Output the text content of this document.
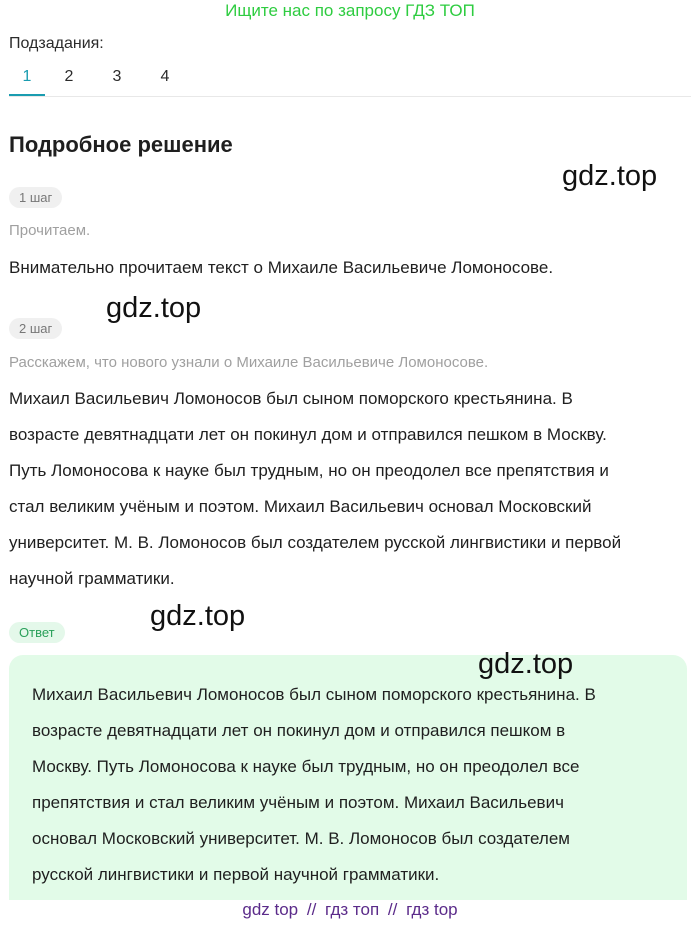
Ищите нас по запросу ГДЗ ТОП
Подзадания:
1	2	3	4
Подробное решение
1 шаг
Прочитаем.
Внимательно прочитаем текст о Михаиле Васильевиче Ломоносове.
2 шаг
Расскажем, что нового узнали о Михаиле Васильевиче Ломоносове.
Михаил Васильевич Ломоносов был сыном поморского крестьянина. В
возрасте девятнадцати лет он покинул дом и отправился пешком в Москву.
Путь Ломоносова к науке был трудным, но он преодолел все препятствия и
стал великим учёным и поэтом. Михаил Васильевич основал Московский
университет. М. В. Ломоносов был создателем русской лингвистики и первой
научной грамматики.
Ответ
Михаил Васильевич Ломоносов был сыном поморского крестьянина. В
возрасте девятнадцати лет он покинул дом и отправился пешком в
Москву. Путь Ломоносова к науке был трудным, но он преодолел все
препятствия и стал великим учёным и поэтом. Михаил Васильевич
основал Московский университет. М. В. Ломоносов был создателем
русской лингвистики и первой научной грамматики.
gdz.top
gdz.top
gdz.top
gdz.top
gdz top // гдз топ // гдз top
